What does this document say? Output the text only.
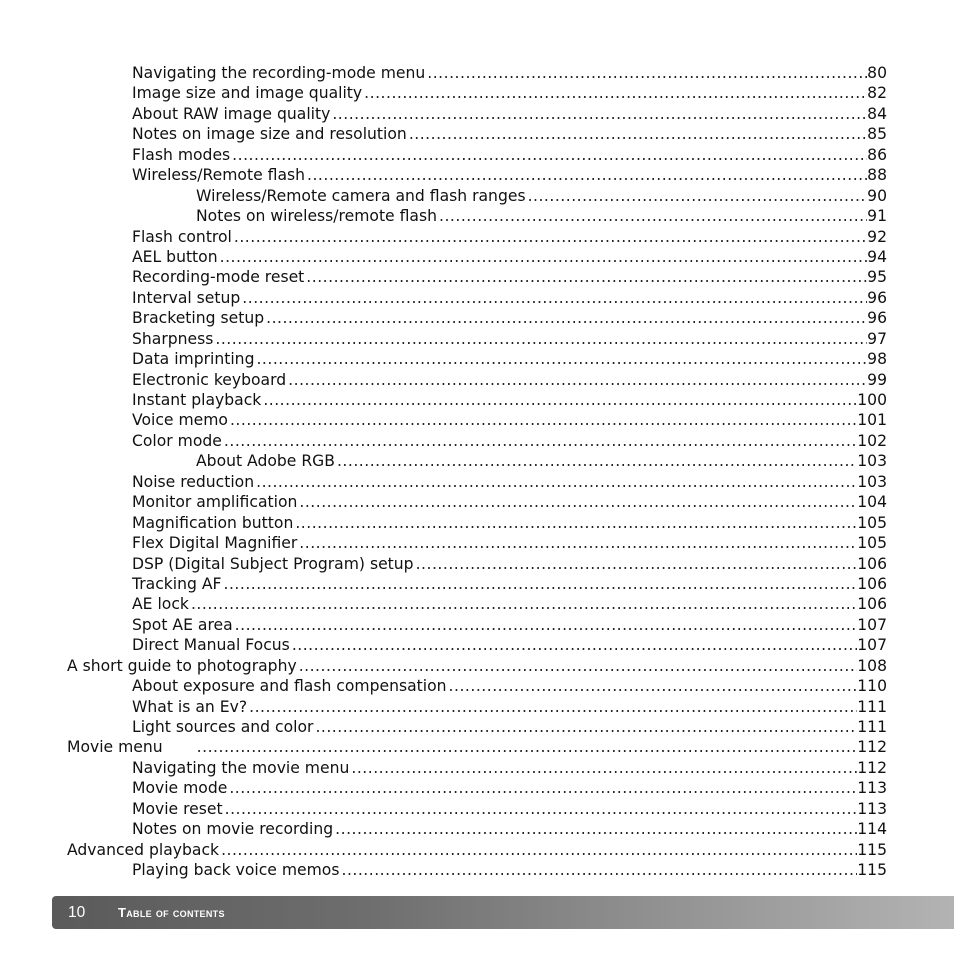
Navigating the recording-mode menu .....	80
Image size and image quality .....	82
About RAW image quality .....	84
Notes on image size and resolution .....	85
Flash modes .....	86
Wireless/Remote flash .....	88
Wireless/Remote camera and flash ranges .....	90
Notes on wireless/remote flash .....	91
Flash control .....	92
AEL button .....	94
Recording-mode reset .....	95
Interval setup .....	96
Bracketing setup .....	96
Sharpness .....	97
Data imprinting .....	98
Electronic keyboard .....	99
Instant playback .....	100
Voice memo .....	101
Color mode .....	102
About Adobe RGB .....	103
Noise reduction .....	103
Monitor amplification .....	104
Magnification button .....	105
Flex Digital Magnifier .....	105
DSP (Digital Subject Program) setup .....	106
Tracking AF .....	106
AE lock .....	106
Spot AE area .....	107
Direct Manual Focus .....	107
A short guide to photography .....	108
About exposure and flash compensation .....	110
What is an Ev? .....	111
Light sources and color .....	111
Movie menu .....	112
Navigating the movie menu .....	112
Movie mode .....	113
Movie reset .....	113
Notes on movie recording .....	114
Advanced playback .....	115
Playing back voice memos .....	115
10	Table of contents
